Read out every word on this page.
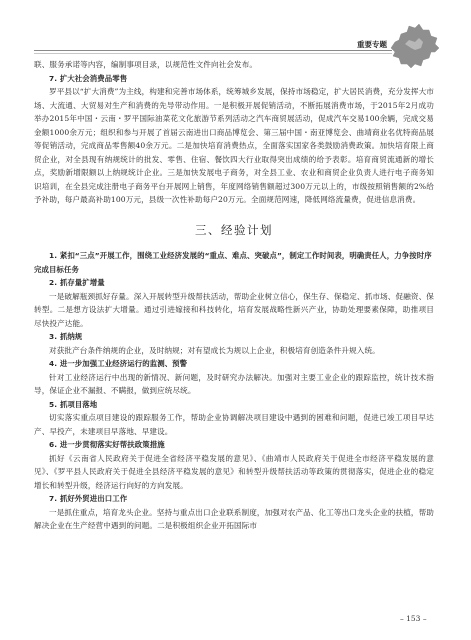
重要专题

联、服务承诺等内容，编制事项目录，以规范性文件向社会发布。

7. 扩大社会消费品零售

罗平县以“扩大消费”为主线，构建和完善市场体系，统筹城乡发展，保持市场稳定，扩大居民消费，充分发挥大市场、大流通、大贸易对生产和消费的先导带动作用。一是积极开展促销活动，不断拓展消费市场，于2015年2月成功举办2015年中国・云南・罗平国际油菜花文化旅游节系列活动之汽车商贸展活动，促成汽车交易100余辆，完成交易金额1000余万元；组织和参与开展了首届云南进出口商品博览会、第三届中国・南亚博览会、曲靖商业名优特商品展等促销活动，完成商品零售额40余万元。二是加快培育消费热点，全面落实国家各类鼓励消费政策。加快培育限上商贸企业，对全县现有纳规统计的批发、零售、住宿、餐饮四大行业取得突出成绩的给予表彰。培育商贸流通新的增长点，奖励新增限额以上纳规统计企业。三是加快发展电子商务，对全县工业、农业和商贸企业负责人进行电子商务知识培训，在全县完成注册电子商务平台开展网上销售，年度网络销售额超过300万元以上的，市级按照销售额的2%给予补助，每户最高补助100万元，县级一次性补助每户20万元。全面规范网速，降低网络流量费，促进信息消费。

三、经验计划

1. 紧扣“三点”开展工作，围绕工业经济发展的“重点、难点、突破点”，制定工作时间表，明确责任人，力争按时序完成目标任务

2. 抓存量扩增量

一是破解瓶颈抓好存量。深入开展转型升级帮扶活动，帮助企业树立信心，保生存、保稳定、抓市场、促融资、保转型。二是想方设法扩大增量。通过引进嫁接和科技转化，培育发展战略性新兴产业，协助处理要素保障，助推项目尽快投产达能。

3. 抓纳规

对获批产台条件纳规的企业，及时纳规；对有望成长为规以上企业，积极培育创造条件升规入统。

4. 进一步加强工业经济运行的监测、预警

针对工业经济运行中出现的新情况、新问题，及时研究办法解决。加强对主要工业企业的跟踪监控，统计技术指导，保证企业不漏报、不瞒报，做到应统尽统。

5. 抓项目落地

切实落实重点项目建设的跟踪服务工作，帮助企业协调解决项目建设中遇到的困难和问题，促进已竣工项目早达产、早投产，未建项目早落地、早建设。

6. 进一步贯彻落实好帮扶政策措施

抓好《云南省人民政府关于促进全省经济平稳发展的意见》、《曲靖市人民政府关于促进全市经济平稳发展的意见》、《罗平县人民政府关于促进全县经济平稳发展的意见》和转型升级帮扶活动等政策的贯彻落实，促进企业的稳定增长和转型升级，经济运行向好的方向发展。

7. 抓好外贸进出口工作

一是抓住重点，培育龙头企业。坚持与重点出口企业联系制度，加强对农产品、化工等出口龙头企业的扶植，帮助解决企业在生产经营中遇到的问题。二是积极组织企业开拓国际市

– 153 –
